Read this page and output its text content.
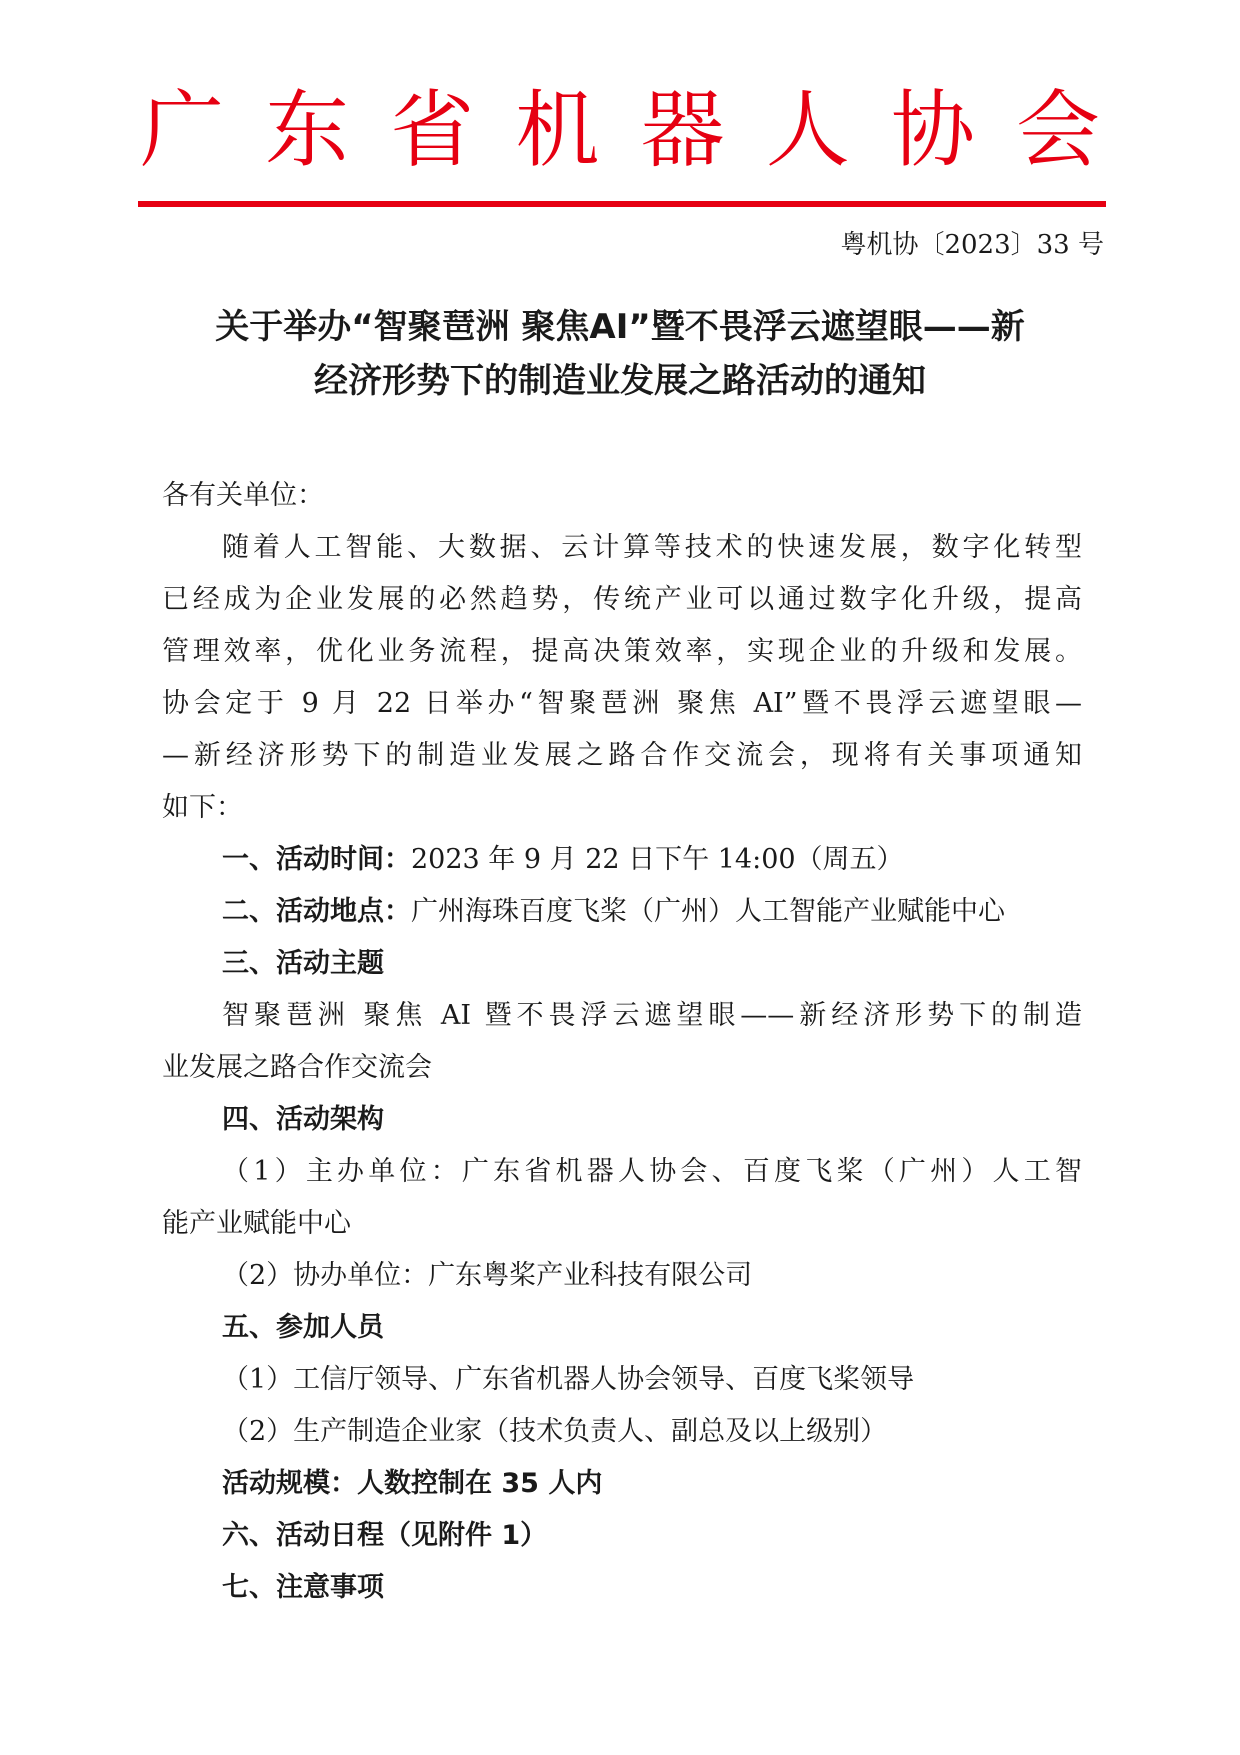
广 东 省 机 器 人 协 会
粤机协〔2023〕33 号
关于举办“智聚琶洲 聚焦AI”暨不畏浮云遮望眼——新
经济形势下的制造业发展之路活动的通知
各有关单位：
随着人工智能、大数据、云计算等技术的快速发展，数字化转型
已经成为企业发展的必然趋势，传统产业可以通过数字化升级，提高
管理效率，优化业务流程，提高决策效率，实现企业的升级和发展。
协会定于 9 月 22 日举办“智聚琶洲 聚焦 AI”暨不畏浮云遮望眼—
—新经济形势下的制造业发展之路合作交流会，现将有关事项通知
如下：
一、活动时间：2023 年 9 月 22 日下午 14:00（周五）
二、活动地点：广州海珠百度飞桨（广州）人工智能产业赋能中心
三、活动主题
智聚琶洲 聚焦 AI 暨不畏浮云遮望眼——新经济形势下的制造
业发展之路合作交流会
四、活动架构
（1）主办单位：广东省机器人协会、百度飞桨（广州）人工智
能产业赋能中心
（2）协办单位：广东粤桨产业科技有限公司
五、参加人员
（1）工信厅领导、广东省机器人协会领导、百度飞桨领导
（2）生产制造企业家（技术负责人、副总及以上级别）
活动规模：人数控制在 35 人内
六、活动日程（见附件 1）
七、注意事项
